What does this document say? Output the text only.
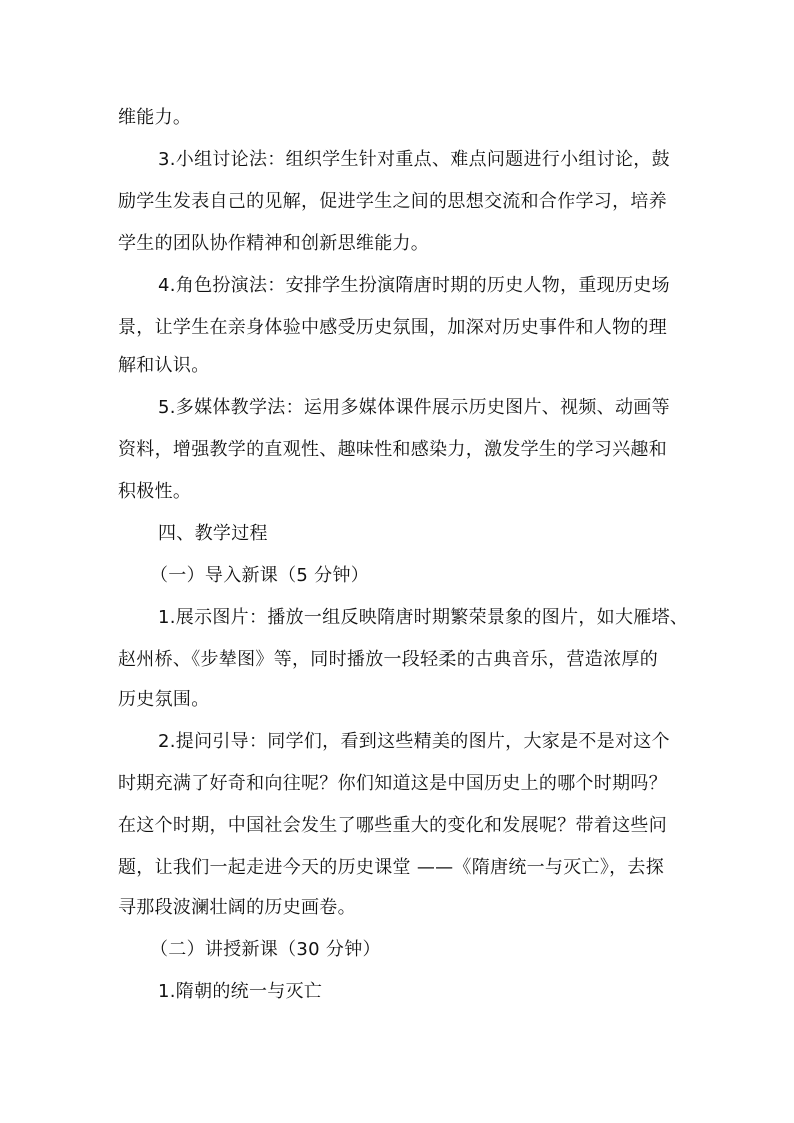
维能力。

3.小组讨论法：组织学生针对重点、难点问题进行小组讨论，鼓

励学生发表自己的见解，促进学生之间的思想交流和合作学习，培养

学生的团队协作精神和创新思维能力。

4.角色扮演法：安排学生扮演隋唐时期的历史人物，重现历史场

景，让学生在亲身体验中感受历史氛围，加深对历史事件和人物的理

解和认识。

5.多媒体教学法：运用多媒体课件展示历史图片、视频、动画等

资料，增强教学的直观性、趣味性和感染力，激发学生的学习兴趣和

积极性。

四、教学过程

（一）导入新课（5 分钟）

1.展示图片：播放一组反映隋唐时期繁荣景象的图片，如大雁塔、

赵州桥、《步辇图》等，同时播放一段轻柔的古典音乐，营造浓厚的

历史氛围。

2.提问引导：同学们，看到这些精美的图片，大家是不是对这个

时期充满了好奇和向往呢？你们知道这是中国历史上的哪个时期吗？

在这个时期，中国社会发生了哪些重大的变化和发展呢？带着这些问

题，让我们一起走进今天的历史课堂 ——《隋唐统一与灭亡》，去探

寻那段波澜壮阔的历史画卷。

（二）讲授新课（30 分钟）

1.隋朝的统一与灭亡
